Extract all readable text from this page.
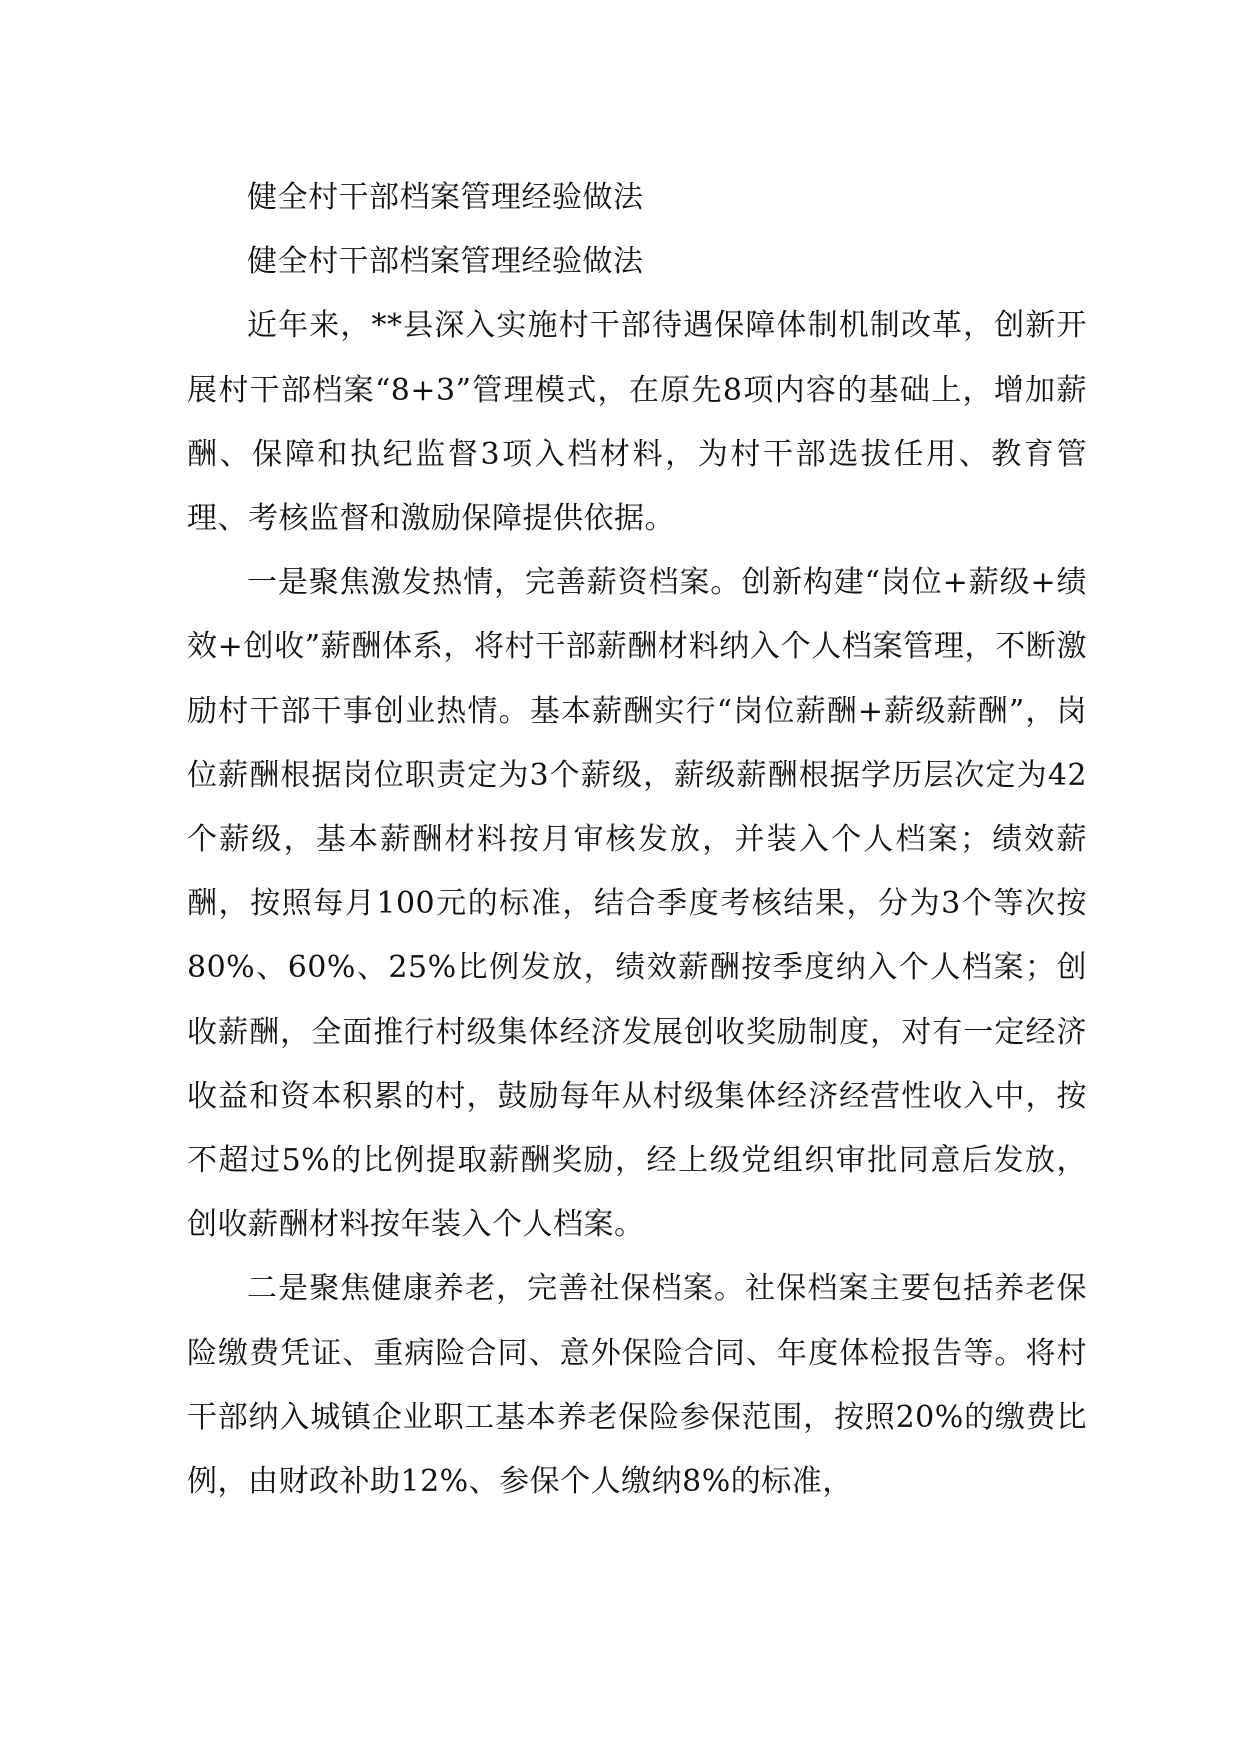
健全村干部档案管理经验做法

健全村干部档案管理经验做法

近年来，**县深入实施村干部待遇保障体制机制改革，创新开展村干部档案“8+3”管理模式，在原先8项内容的基础上，增加薪酬、保障和执纪监督3项入档材料，为村干部选拔任用、教育管理、考核监督和激励保障提供依据。

一是聚焦激发热情，完善薪资档案。创新构建“岗位+薪级+绩效+创收”薪酬体系，将村干部薪酬材料纳入个人档案管理，不断激励村干部干事创业热情。基本薪酬实行“岗位薪酬+薪级薪酬”，岗位薪酬根据岗位职责定为3个薪级，薪级薪酬根据学历层次定为42个薪级，基本薪酬材料按月审核发放，并装入个人档案；绩效薪酬，按照每月100元的标准，结合季度考核结果，分为3个等次按80%、60%、25%比例发放，绩效薪酬按季度纳入个人档案；创收薪酬，全面推行村级集体经济发展创收奖励制度，对有一定经济收益和资本积累的村，鼓励每年从村级集体经济经营性收入中，按不超过5%的比例提取薪酬奖励，经上级党组织审批同意后发放，创收薪酬材料按年装入个人档案。

二是聚焦健康养老，完善社保档案。社保档案主要包括养老保险缴费凭证、重病险合同、意外保险合同、年度体检报告等。将村干部纳入城镇企业职工基本养老保险参保范围，按照20%的缴费比例，由财政补助12%、参保个人缴纳8%的标准，
